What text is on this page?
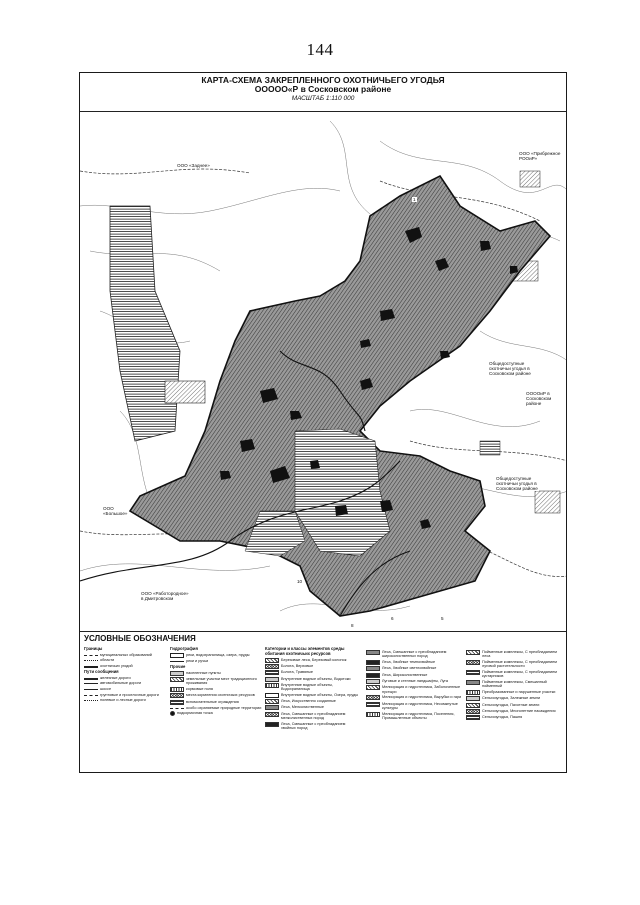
144
КАРТА-СХЕМА ЗАКРЕПЛЕННОГО ОХОТНИЧЬЕГО УГОДЬЯ
ООООО«Р в Сосковском районе
МАСШТАБ 1:110 000
ООО «Заднее»
ООО «Прибрежное
РООиР»
Общедоступные
охотничьи угодья в
Сосковском районе
ООООиР в
Сосковском
районе
Общедоступные
охотничьи угодья в
Сосковском районе
ООО
«Большое»
ООО «Работородное»
в Дмитровском
1
5
6
8
10
УСЛОВНЫЕ ОБОЗНАЧЕНИЯ
Границы
муниципальных образований
области
охотничьих угодий
Пути сообщения
железные дороги
автомобильные дороги
шоссе
грунтовые и проселочные дороги
полевые и лесные дороги
Гидрография
реки, водохранилища, озера, пруды
реки и ручьи
Прочие
населенные пункты
земельные участки мест традиционного проживания
кормовые поля
места кормления охотничьих ресурсов
вспомогательные ограждения
особо охраняемые природные территории
подкормочная точка
Категории и классы элементов среды обитания охотничьих ресурсов
Березовые леса, Березовый колонок
Болота, Верховые
Болота, Травяные
Внутренние водные объекты, Водотоки
Внутренние водные объекты, Водохранилища
Внутренние водные объекты, Озера, пруды
Леса, Искусственно созданные
Леса, Мелколиственные
Леса, Смешанные с преобладанием мелколиственных пород
Леса, Смешанные с преобладанием хвойных пород
Леса, Смешанные с преобладанием широколиственных пород
Леса, Хвойные темнохвойные
Леса, Хвойные светлохвойные
Леса, Широколиственные
Луговые и степные ландшафты, Луга
Мелиорация и гидротехника, Заболоченные пустыри
Мелиорация и гидротехника, Вырубки и гари
Мелиорация и гидротехника, Несомкнутые культуры
Мелиорация и гидротехника, Поселения, Промышленные объекты
Пойменные комплексы, С преобладанием леса
Пойменные комплексы, С преобладанием луговой растительности
Пойменные комплексы, С преобладанием кустарников
Пойменные комплексы, Смешанный пойменный
Преобразованные и нарушенные участки
Сельхозугодья, Залежные земли
Сельхозугодья, Пахотные земли
Сельхозугодья, Многолетние насаждения
Сельхозугодья, Пашня
